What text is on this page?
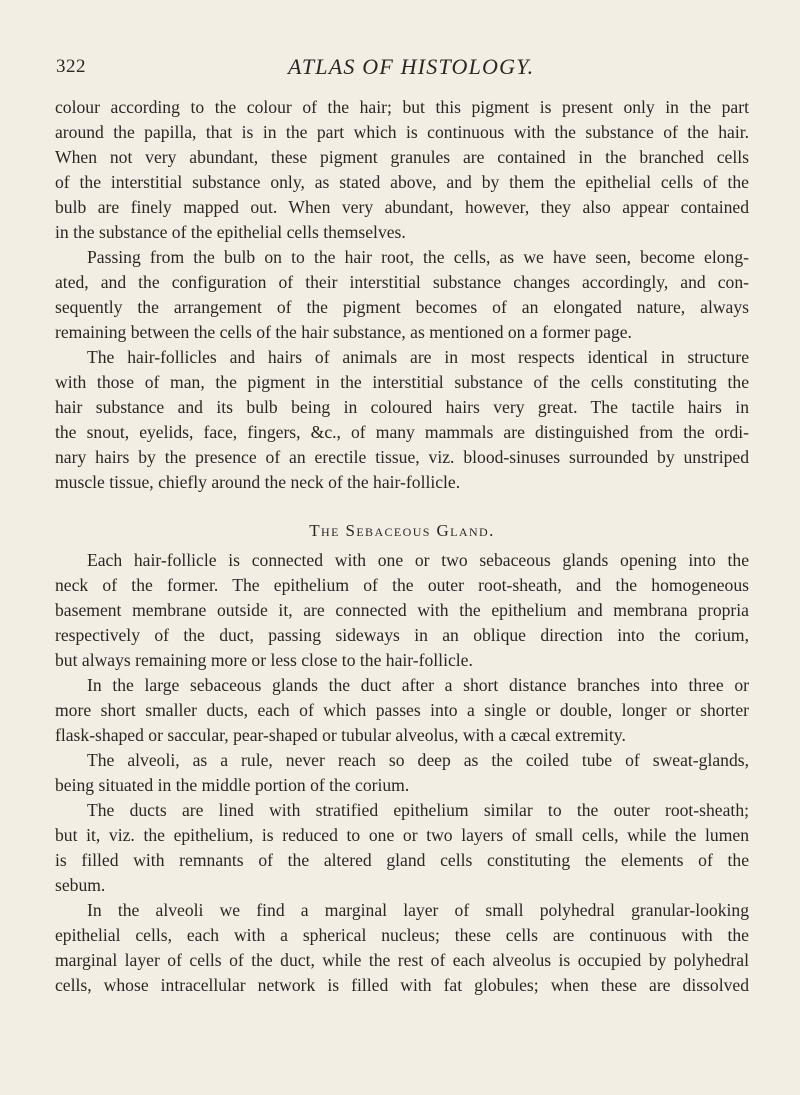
322	ATLAS OF HISTOLOGY.
colour according to the colour of the hair; but this pigment is present only in the part
around the papilla, that is in the part which is continuous with the substance of the hair.
When not very abundant, these pigment granules are contained in the branched cells
of the interstitial substance only, as stated above, and by them the epithelial cells of the
bulb are finely mapped out. When very abundant, however, they also appear contained
in the substance of the epithelial cells themselves.
Passing from the bulb on to the hair root, the cells, as we have seen, become elong-
ated, and the configuration of their interstitial substance changes accordingly, and con-
sequently the arrangement of the pigment becomes of an elongated nature, always
remaining between the cells of the hair substance, as mentioned on a former page.
The hair-follicles and hairs of animals are in most respects identical in structure
with those of man, the pigment in the interstitial substance of the cells constituting the
hair substance and its bulb being in coloured hairs very great. The tactile hairs in
the snout, eyelids, face, fingers, &c., of many mammals are distinguished from the ordi-
nary hairs by the presence of an erectile tissue, viz. blood-sinuses surrounded by unstriped
muscle tissue, chiefly around the neck of the hair-follicle.
The Sebaceous Gland.
Each hair-follicle is connected with one or two sebaceous glands opening into the
neck of the former. The epithelium of the outer root-sheath, and the homogeneous
basement membrane outside it, are connected with the epithelium and membrana propria
respectively of the duct, passing sideways in an oblique direction into the corium,
but always remaining more or less close to the hair-follicle.
In the large sebaceous glands the duct after a short distance branches into three or
more short smaller ducts, each of which passes into a single or double, longer or shorter
flask-shaped or saccular, pear-shaped or tubular alveolus, with a cæcal extremity.
The alveoli, as a rule, never reach so deep as the coiled tube of sweat-glands,
being situated in the middle portion of the corium.
The ducts are lined with stratified epithelium similar to the outer root-sheath;
but it, viz. the epithelium, is reduced to one or two layers of small cells, while the lumen
is filled with remnants of the altered gland cells constituting the elements of the
sebum.
In the alveoli we find a marginal layer of small polyhedral granular-looking
epithelial cells, each with a spherical nucleus; these cells are continuous with the
marginal layer of cells of the duct, while the rest of each alveolus is occupied by polyhedral
cells, whose intracellular network is filled with fat globules; when these are dissolved
